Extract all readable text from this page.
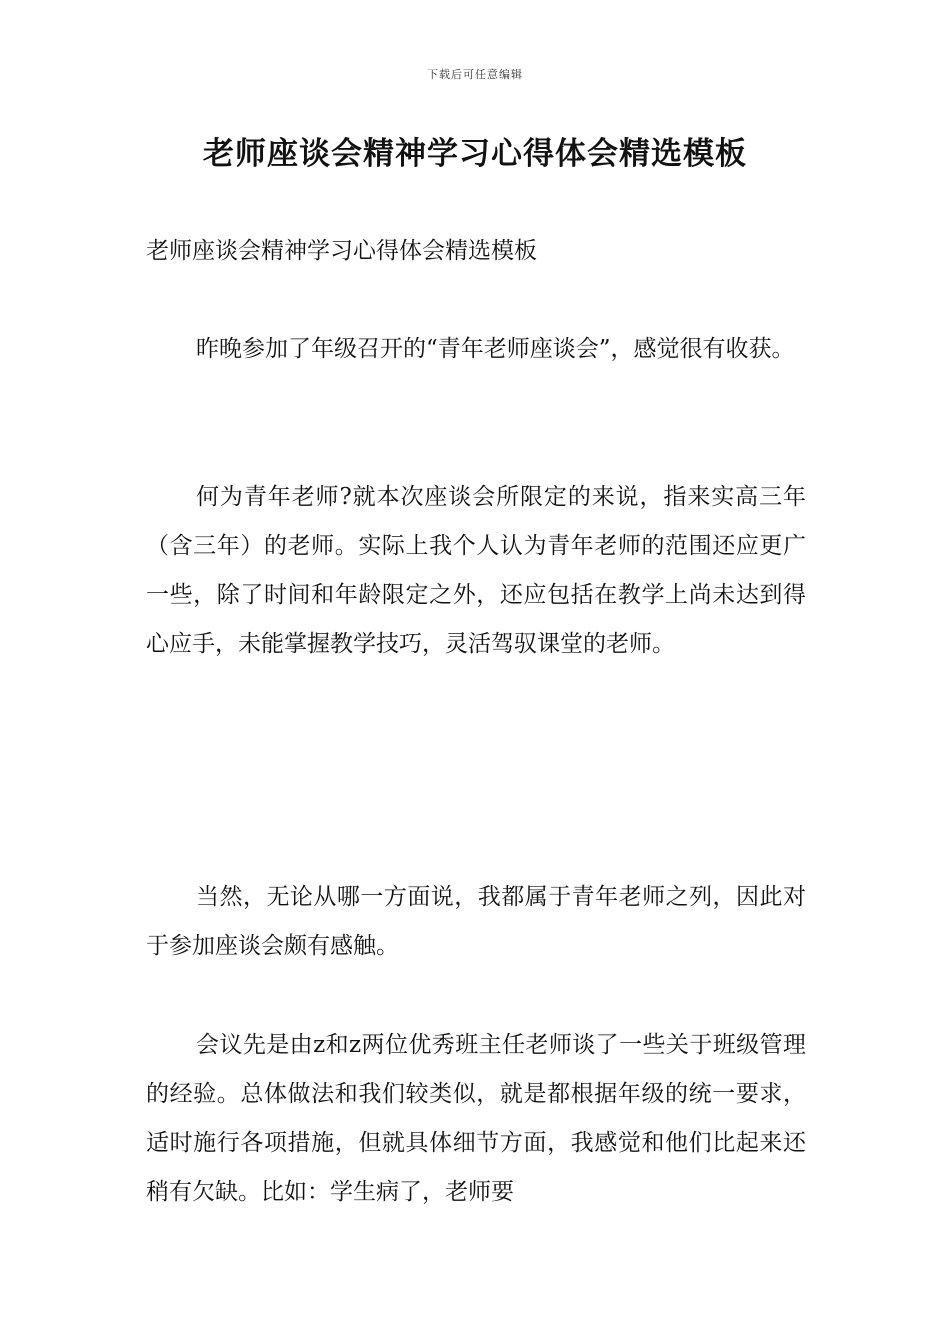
下载后可任意编辑
老师座谈会精神学习心得体会精选模板

老师座谈会精神学习心得体会精选模板

昨晚参加了年级召开的“青年老师座谈会”，感觉很有收获。

何为青年老师?就本次座谈会所限定的来说，指来实高三年（含三年）的老师。实际上我个人认为青年老师的范围还应更广一些，除了时间和年龄限定之外，还应包括在教学上尚未达到得心应手，未能掌握教学技巧，灵活驾驭课堂的老师。

当然，无论从哪一方面说，我都属于青年老师之列，因此对于参加座谈会颇有感触。

会议先是由z和z两位优秀班主任老师谈了一些关于班级管理的经验。总体做法和我们较类似，就是都根据年级的统一要求，适时施行各项措施，但就具体细节方面，我感觉和他们比起来还稍有欠缺。比如：学生病了，老师要
